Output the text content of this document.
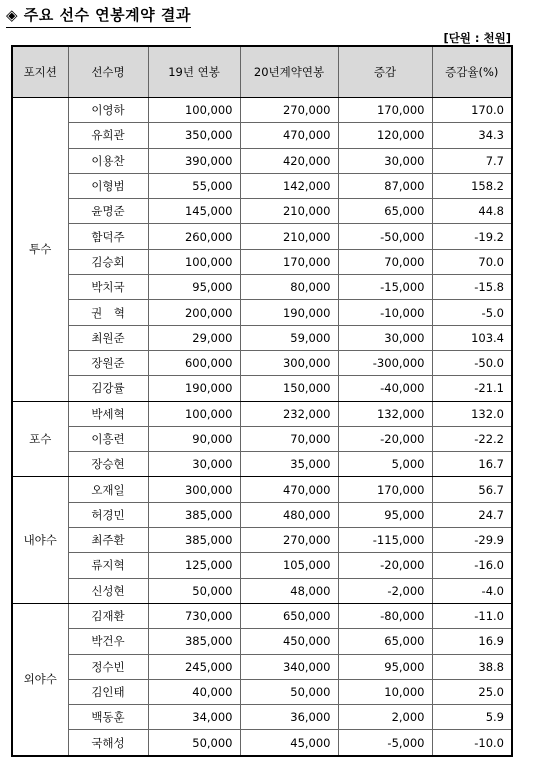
◈ 주요 선수 연봉계약 결과
[단원 : 천원]
포지션	선수명	19년 연봉	20년계약연봉	증감	증감율(%)
투수	이영하	100,000	270,000	170,000	170.0
	유희관	350,000	470,000	120,000	34.3
	이용찬	390,000	420,000	30,000	7.7
	이형범	55,000	142,000	87,000	158.2
	윤명준	145,000	210,000	65,000	44.8
	함덕주	260,000	210,000	-50,000	-19.2
	김승회	100,000	170,000	70,000	70.0
	박치국	95,000	80,000	-15,000	-15.8
	권　혁	200,000	190,000	-10,000	-5.0
	최원준	29,000	59,000	30,000	103.4
	장원준	600,000	300,000	-300,000	-50.0
	김강률	190,000	150,000	-40,000	-21.1
포수	박세혁	100,000	232,000	132,000	132.0
	이흥련	90,000	70,000	-20,000	-22.2
	장승현	30,000	35,000	5,000	16.7
내야수	오재일	300,000	470,000	170,000	56.7
	허경민	385,000	480,000	95,000	24.7
	최주환	385,000	270,000	-115,000	-29.9
	류지혁	125,000	105,000	-20,000	-16.0
	신성현	50,000	48,000	-2,000	-4.0
외야수	김재환	730,000	650,000	-80,000	-11.0
	박건우	385,000	450,000	65,000	16.9
	정수빈	245,000	340,000	95,000	38.8
	김인태	40,000	50,000	10,000	25.0
	백동훈	34,000	36,000	2,000	5.9
	국해성	50,000	45,000	-5,000	-10.0
